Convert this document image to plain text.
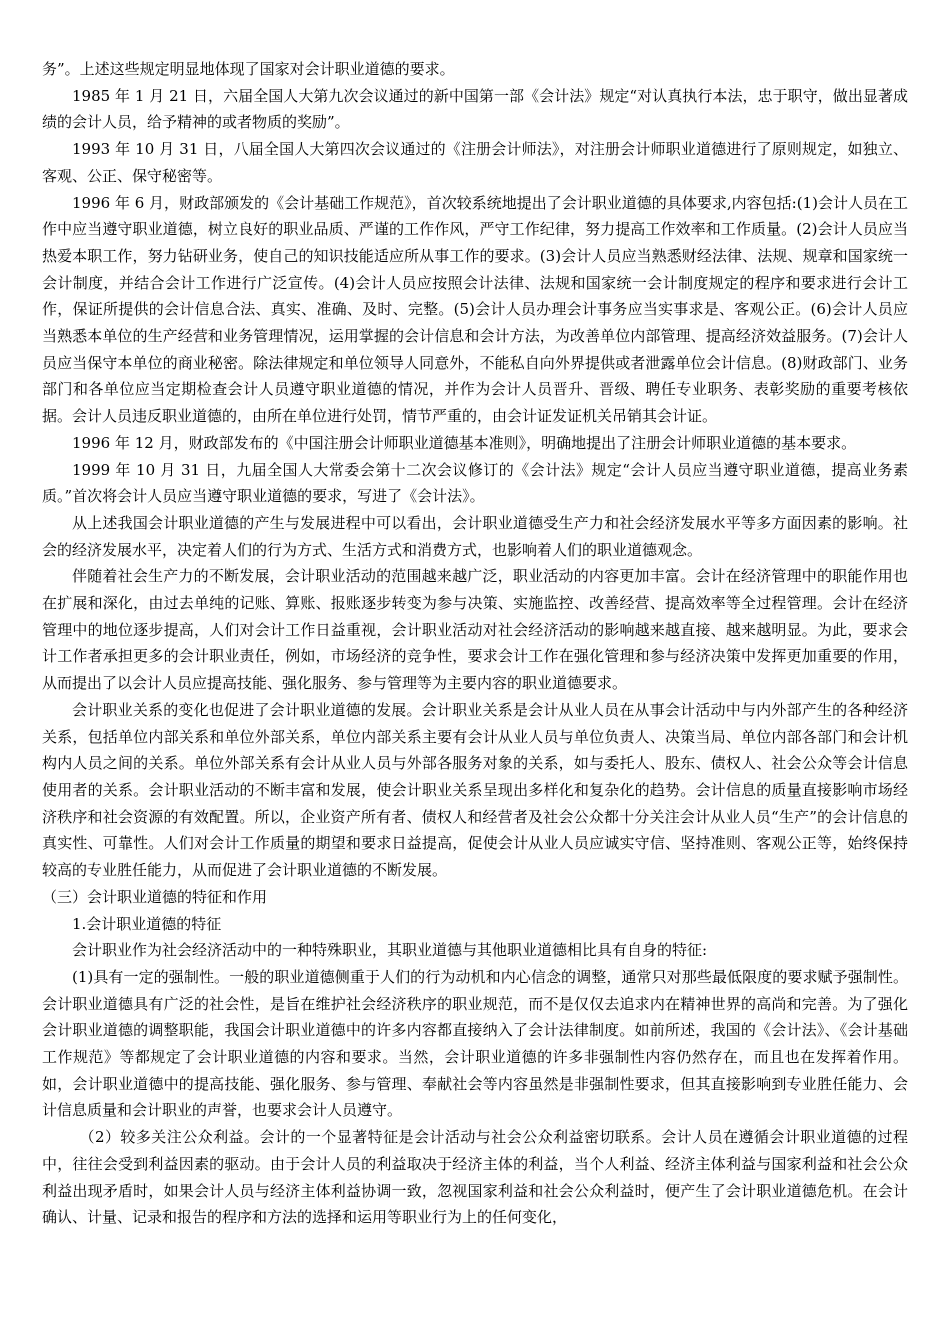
务”。上述这些规定明显地体现了国家对会计职业道德的要求。

1985 年 1 月 21 日，六届全国人大第九次会议通过的新中国第一部《会计法》规定“对认真执行本法，忠于职守，做出显著成绩的会计人员，给予精神的或者物质的奖励”。

1993 年 10 月 31 日，八届全国人大第四次会议通过的《注册会计师法》，对注册会计师职业道德进行了原则规定，如独立、客观、公正、保守秘密等。

1996 年 6 月，财政部颁发的《会计基础工作规范》，首次较系统地提出了会计职业道德的具体要求,内容包括:(1)会计人员在工作中应当遵守职业道德，树立良好的职业品质、严谨的工作作风，严守工作纪律，努力提高工作效率和工作质量。(2)会计人员应当热爱本职工作，努力钻研业务，使自己的知识技能适应所从事工作的要求。(3)会计人员应当熟悉财经法律、法规、规章和国家统一会计制度，并结合会计工作进行广泛宣传。(4)会计人员应按照会计法律、法规和国家统一会计制度规定的程序和要求进行会计工作，保证所提供的会计信息合法、真实、准确、及时、完整。(5)会计人员办理会计事务应当实事求是、客观公正。(6)会计人员应当熟悉本单位的生产经营和业务管理情况，运用掌握的会计信息和会计方法，为改善单位内部管理、提高经济效益服务。(7)会计人员应当保守本单位的商业秘密。除法律规定和单位领导人同意外，不能私自向外界提供或者泄露单位会计信息。(8)财政部门、业务部门和各单位应当定期检查会计人员遵守职业道德的情况，并作为会计人员晋升、晋级、聘任专业职务、表彰奖励的重要考核依据。会计人员违反职业道德的，由所在单位进行处罚，情节严重的，由会计证发证机关吊销其会计证。

1996 年 12 月，财政部发布的《中国注册会计师职业道德基本准则》，明确地提出了注册会计师职业道德的基本要求。

1999 年 10 月 31 日，九届全国人大常委会第十二次会议修订的《会计法》规定“会计人员应当遵守职业道德，提高业务素质。”首次将会计人员应当遵守职业道德的要求，写进了《会计法》。

从上述我国会计职业道德的产生与发展进程中可以看出，会计职业道德受生产力和社会经济发展水平等多方面因素的影响。社会的经济发展水平，决定着人们的行为方式、生活方式和消费方式，也影响着人们的职业道德观念。

伴随着社会生产力的不断发展，会计职业活动的范围越来越广泛，职业活动的内容更加丰富。会计在经济管理中的职能作用也在扩展和深化，由过去单纯的记账、算账、报账逐步转变为参与决策、实施监控、改善经营、提高效率等全过程管理。会计在经济管理中的地位逐步提高，人们对会计工作日益重视，会计职业活动对社会经济活动的影响越来越直接、越来越明显。为此，要求会计工作者承担更多的会计职业责任，例如，市场经济的竞争性，要求会计工作在强化管理和参与经济决策中发挥更加重要的作用，从而提出了以会计人员应提高技能、强化服务、参与管理等为主要内容的职业道德要求。

会计职业关系的变化也促进了会计职业道德的发展。会计职业关系是会计从业人员在从事会计活动中与内外部产生的各种经济关系，包括单位内部关系和单位外部关系，单位内部关系主要有会计从业人员与单位负责人、决策当局、单位内部各部门和会计机构内人员之间的关系。单位外部关系有会计从业人员与外部各服务对象的关系，如与委托人、股东、债权人、社会公众等会计信息使用者的关系。会计职业活动的不断丰富和发展，使会计职业关系呈现出多样化和复杂化的趋势。会计信息的质量直接影响市场经济秩序和社会资源的有效配置。所以，企业资产所有者、债权人和经营者及社会公众都十分关注会计从业人员“生产”的会计信息的真实性、可靠性。人们对会计工作质量的期望和要求日益提高，促使会计从业人员应诚实守信、坚持准则、客观公正等，始终保持较高的专业胜任能力，从而促进了会计职业道德的不断发展。

（三）会计职业道德的特征和作用

1.会计职业道德的特征

会计职业作为社会经济活动中的一种特殊职业，其职业道德与其他职业道德相比具有自身的特征:

(1)具有一定的强制性。一般的职业道德侧重于人们的行为动机和内心信念的调整，通常只对那些最低限度的要求赋予强制性。会计职业道德具有广泛的社会性，是旨在维护社会经济秩序的职业规范，而不是仅仅去追求内在精神世界的高尚和完善。为了强化会计职业道德的调整职能，我国会计职业道德中的许多内容都直接纳入了会计法律制度。如前所述，我国的《会计法》、《会计基础工作规范》等都规定了会计职业道德的内容和要求。当然，会计职业道德的许多非强制性内容仍然存在，而且也在发挥着作用。如，会计职业道德中的提高技能、强化服务、参与管理、奉献社会等内容虽然是非强制性要求，但其直接影响到专业胜任能力、会计信息质量和会计职业的声誉，也要求会计人员遵守。

（2）较多关注公众利益。会计的一个显著特征是会计活动与社会公众利益密切联系。会计人员在遵循会计职业道德的过程中，往往会受到利益因素的驱动。由于会计人员的利益取决于经济主体的利益，当个人利益、经济主体利益与国家利益和社会公众利益出现矛盾时，如果会计人员与经济主体利益协调一致，忽视国家利益和社会公众利益时，便产生了会计职业道德危机。在会计确认、计量、记录和报告的程序和方法的选择和运用等职业行为上的任何变化，
